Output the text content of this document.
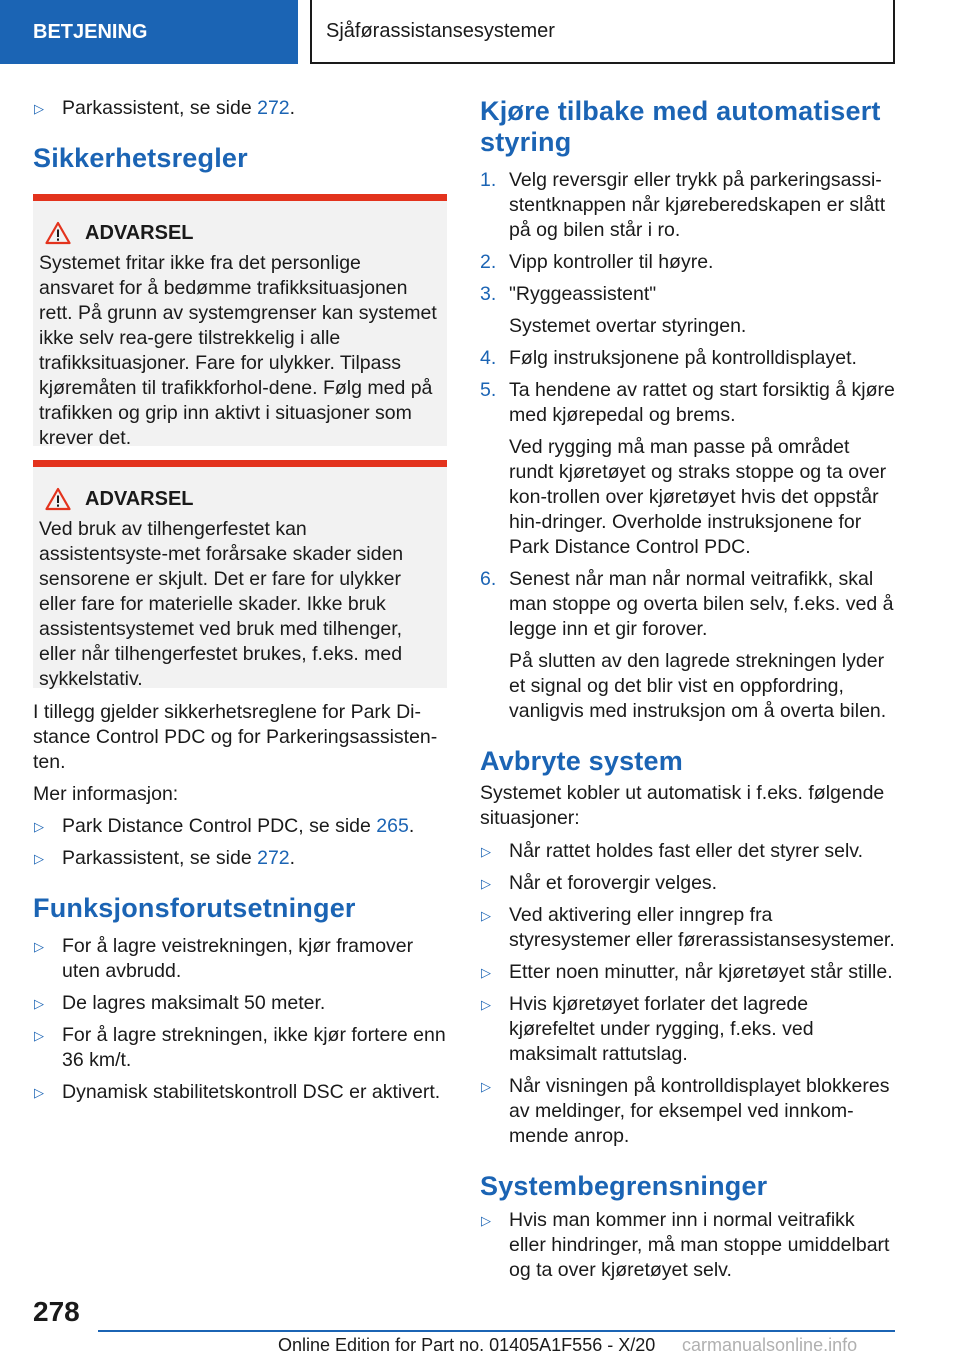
BETJENING	Sjåførassistansesystemer
▷ Parkassistent, se side 272.
Sikkerhetsregler
ADVARSEL

Systemet fritar ikke fra det personlige ansvaret for å bedømme trafikksituasjonen rett. På grunn av systemgrenser kan systemet ikke selv rea-gere tilstrekkelig i alle trafikksituasjoner. Fare for ulykker. Tilpass kjøremåten til trafikkforhol-dene. Følg med på trafikken og grip inn aktivt i situasjoner som krever det.

ADVARSEL

Ved bruk av tilhengerfestet kan assistentsyste-met forårsake skader siden sensorene er skjult. Det er fare for ulykker eller fare for materielle skader. Ikke bruk assistentsystemet ved bruk med tilhenger, eller når tilhengerfestet brukes, f.eks. med sykkelstativ.

I tillegg gjelder sikkerhetsreglene for Park Di-stance Control PDC og for Parkeringsassisten-ten.

Mer informasjon:

▷ Park Distance Control PDC, se side 265.
▷ Parkassistent, se side 272.
Funksjonsforutsetninger
▷ For å lagre veistrekningen, kjør framover uten avbrudd.
▷ De lagres maksimalt 50 meter.
▷ For å lagre strekningen, ikke kjør fortere enn 36 km/t.
▷ Dynamisk stabilitetskontroll DSC er aktivert.
Kjøre tilbake med automatisert styring
1. Velg reversgir eller trykk på parkeringsassi-stentknappen når kjøreberedskapen er slått på og bilen står i ro.
2. Vipp kontroller til høyre.
3. "Ryggeassistent"
Systemet overtar styringen.
4. Følg instruksjonene på kontrolldisplayet.
5. Ta hendene av rattet og start forsiktig å kjøre med kjørepedal og brems.
Ved rygging må man passe på området rundt kjøretøyet og straks stoppe og ta over kon-trollen over kjøretøyet hvis det oppstår hin-dringer. Overholde instruksjonene for Park Distance Control PDC.
6. Senest når man når normal veitrafikk, skal man stoppe og overta bilen selv, f.eks. ved å legge inn et gir forover.
På slutten av den lagrede strekningen lyder et signal og det blir vist en oppfordring, vanligvis med instruksjon om å overta bilen.
Avbryte system

Systemet kobler ut automatisk i f.eks. følgende situasjoner:

▷ Når rattet holdes fast eller det styrer selv.
▷ Når et forovergir velges.
▷ Ved aktivering eller inngrep fra styresystemer eller førerassistansesystemer.
▷ Etter noen minutter, når kjøretøyet står stille.
▷ Hvis kjøretøyet forlater det lagrede kjørefeltet under rygging, f.eks. ved maksimalt rattutslag.
▷ Når visningen på kontrolldisplayet blokkeres av meldinger, for eksempel ved innkom-mende anrop.
Systembegrensninger
▷ Hvis man kommer inn i normal veitrafikk eller hindringer, må man stoppe umiddelbart og ta over kjøretøyet selv.
278
Online Edition for Part no. 01405A1F556 - X/20 carmanualsonline.info
